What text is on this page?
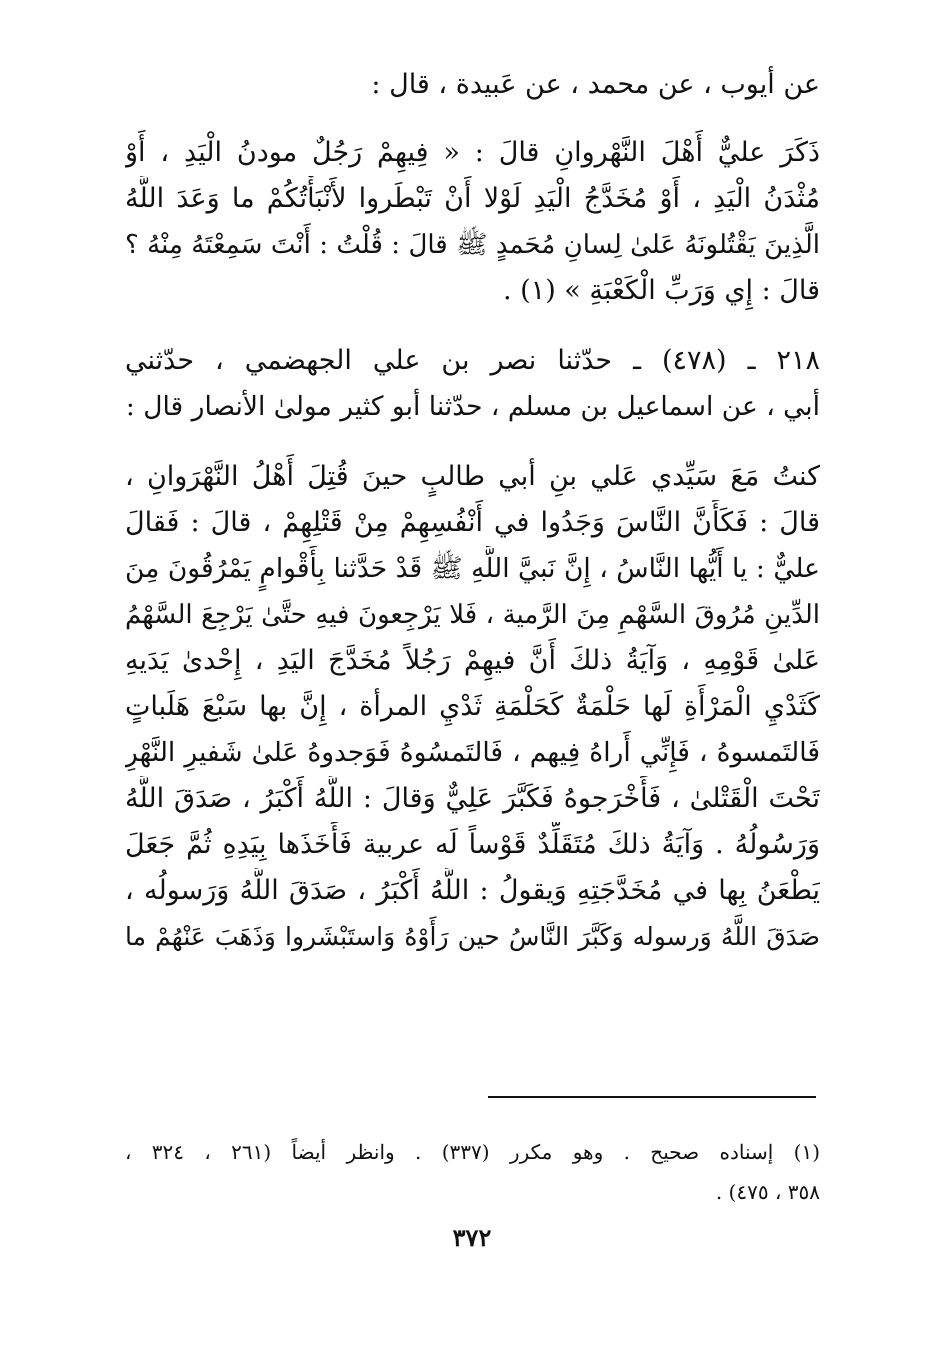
عن أيوب ، عن محمد ، عن عَبيدة ، قال :
ذَكَرَ عليٌّ أَهْلَ النَّهْروانِ قالَ : « فِيهِمْ رَجُلٌ مودنُ الْيَدِ ، أَوْ
مُثْدَنُ الْيَدِ ، أَوْ مُخَدَّجُ الْيَدِ لَوْلا أَنْ تَبْطَروا لأَنْبَأْتُكُمْ ما وَعَدَ اللَّهُ
الَّذِينَ يَقْتُلونَهُ عَلىٰ لِسانِ مُحَمدٍ ﷺ قالَ : قُلْتُ : أَنْتَ سَمِعْتَهُ مِنْهُ ؟
قالَ : إِي وَرَبِّ الْكَعْبَةِ » (١) .
٢١٨ ـ (٤٧٨) ـ حدّثنا نصر بن علي الجهضمي ، حدّثني
أبي ، عن اسماعيل بن مسلم ، حدّثنا أبو كثير مولىٰ الأنصار قال :
كنتُ مَعَ سَيِّدي عَلي بنِ أبي طالبٍ حينَ قُتِلَ أَهْلُ النَّهْرَوانِ ،
قالَ : فَكَأَنَّ النَّاسَ وَجَدُوا في أَنْفُسِهِمْ مِنْ قَتْلِهِمْ ، قالَ : فَقالَ
عليٌّ : يا أَيُّها النَّاسُ ، إِنَّ نَبيَّ اللَّهِ ﷺ قَدْ حَدَّثنا بِأَقْوامٍ يَمْرُقُونَ مِنَ
الدِّينِ مُرُوقَ السَّهْمِ مِنَ الرَّمية ، فَلا يَرْجِعونَ فيهِ حتَّىٰ يَرْجِعَ السَّهْمُ
عَلىٰ قَوْمِهِ ، وَآيَةُ ذلكَ أَنَّ فيهِمْ رَجُلاً مُخَدَّجَ اليَدِ ، إِحْدىٰ يَدَيهِ
كَثَدْيِ الْمَرْأَةِ لَها حَلْمَةٌ كَحَلْمَةِ ثَدْيِ المرأة ، إِنَّ بها سَبْعَ هَلَباتٍ
فَالتَمسوهُ ، فَإِنِّي أَراهُ فِيهم ، فَالتَمسُوهُ فَوَجدوهُ عَلىٰ شَفيرِ النَّهْرِ
تَحْتَ الْقَتْلىٰ ، فَأَخْرَجوهُ فَكَبَّرَ عَلِيٌّ وَقالَ : اللَّهُ أَكْبَرُ ، صَدَقَ اللَّهُ
وَرَسُولُهُ . وَآيَةُ ذلكَ مُتَقَلِّدٌ قَوْساً لَه عربية فَأَخَذَها بِيَدِهِ ثُمَّ جَعَلَ
يَطْعَنُ بِها في مُخَدَّجَتِهِ وَيقولُ : اللَّهُ أَكْبَرُ ، صَدَقَ اللَّهُ وَرَسولُه ،
صَدَقَ اللَّهُ وَرسوله وَكَبَّرَ النَّاسُ حين رَأَوْهُ وَاستَبْشَروا وَذَهَبَ عَنْهُمْ ما
(١) إسناده صحيح . وهو مكرر (٣٣٧) . وانظر أيضاً (٢٦١ ، ٣٢٤ ،
٣٥٨ ، ٤٧٥) .
٣٧٢
